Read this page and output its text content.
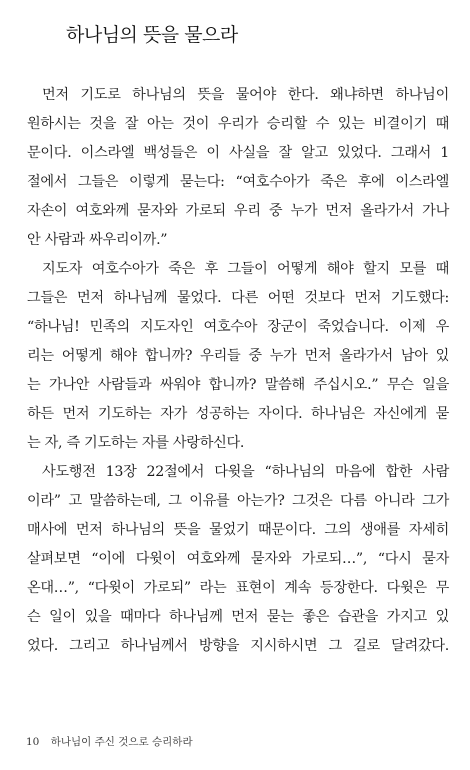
하나님의 뜻을 물으라
먼저 기도로 하나님의 뜻을 물어야 한다. 왜냐하면 하나님이
원하시는 것을 잘 아는 것이 우리가 승리할 수 있는 비결이기 때
문이다. 이스라엘 백성들은 이 사실을 잘 알고 있었다. 그래서 1
절에서 그들은 이렇게 묻는다: “여호수아가 죽은 후에 이스라엘
자손이 여호와께 묻자와 가로되 우리 중 누가 먼저 올라가서 가나
안 사람과 싸우리이까.”
지도자 여호수아가 죽은 후 그들이 어떻게 해야 할지 모를 때
그들은 먼저 하나님께 물었다. 다른 어떤 것보다 먼저 기도했다:
“하나님! 민족의 지도자인 여호수아 장군이 죽었습니다. 이제 우
리는 어떻게 해야 합니까? 우리들 중 누가 먼저 올라가서 남아 있
는 가나안 사람들과 싸워야 합니까? 말씀해 주십시오.” 무슨 일을
하든 먼저 기도하는 자가 성공하는 자이다. 하나님은 자신에게 묻
는 자, 즉 기도하는 자를 사랑하신다.
사도행전 13장 22절에서 다윗을 “하나님의 마음에 합한 사람
이라” 고 말씀하는데, 그 이유를 아는가? 그것은 다름 아니라 그가
매사에 먼저 하나님의 뜻을 물었기 때문이다. 그의 생애를 자세히
살펴보면 “이에 다윗이 여호와께 묻자와 가로되…”, “다시 묻자
온대…”, “다윗이 가로되” 라는 표현이 계속 등장한다. 다윗은 무
슨 일이 있을 때마다 하나님께 먼저 묻는 좋은 습관을 가지고 있
었다. 그리고 하나님께서 방향을 지시하시면 그 길로 달려갔다.
10 하나님이 주신 것으로 승리하라
